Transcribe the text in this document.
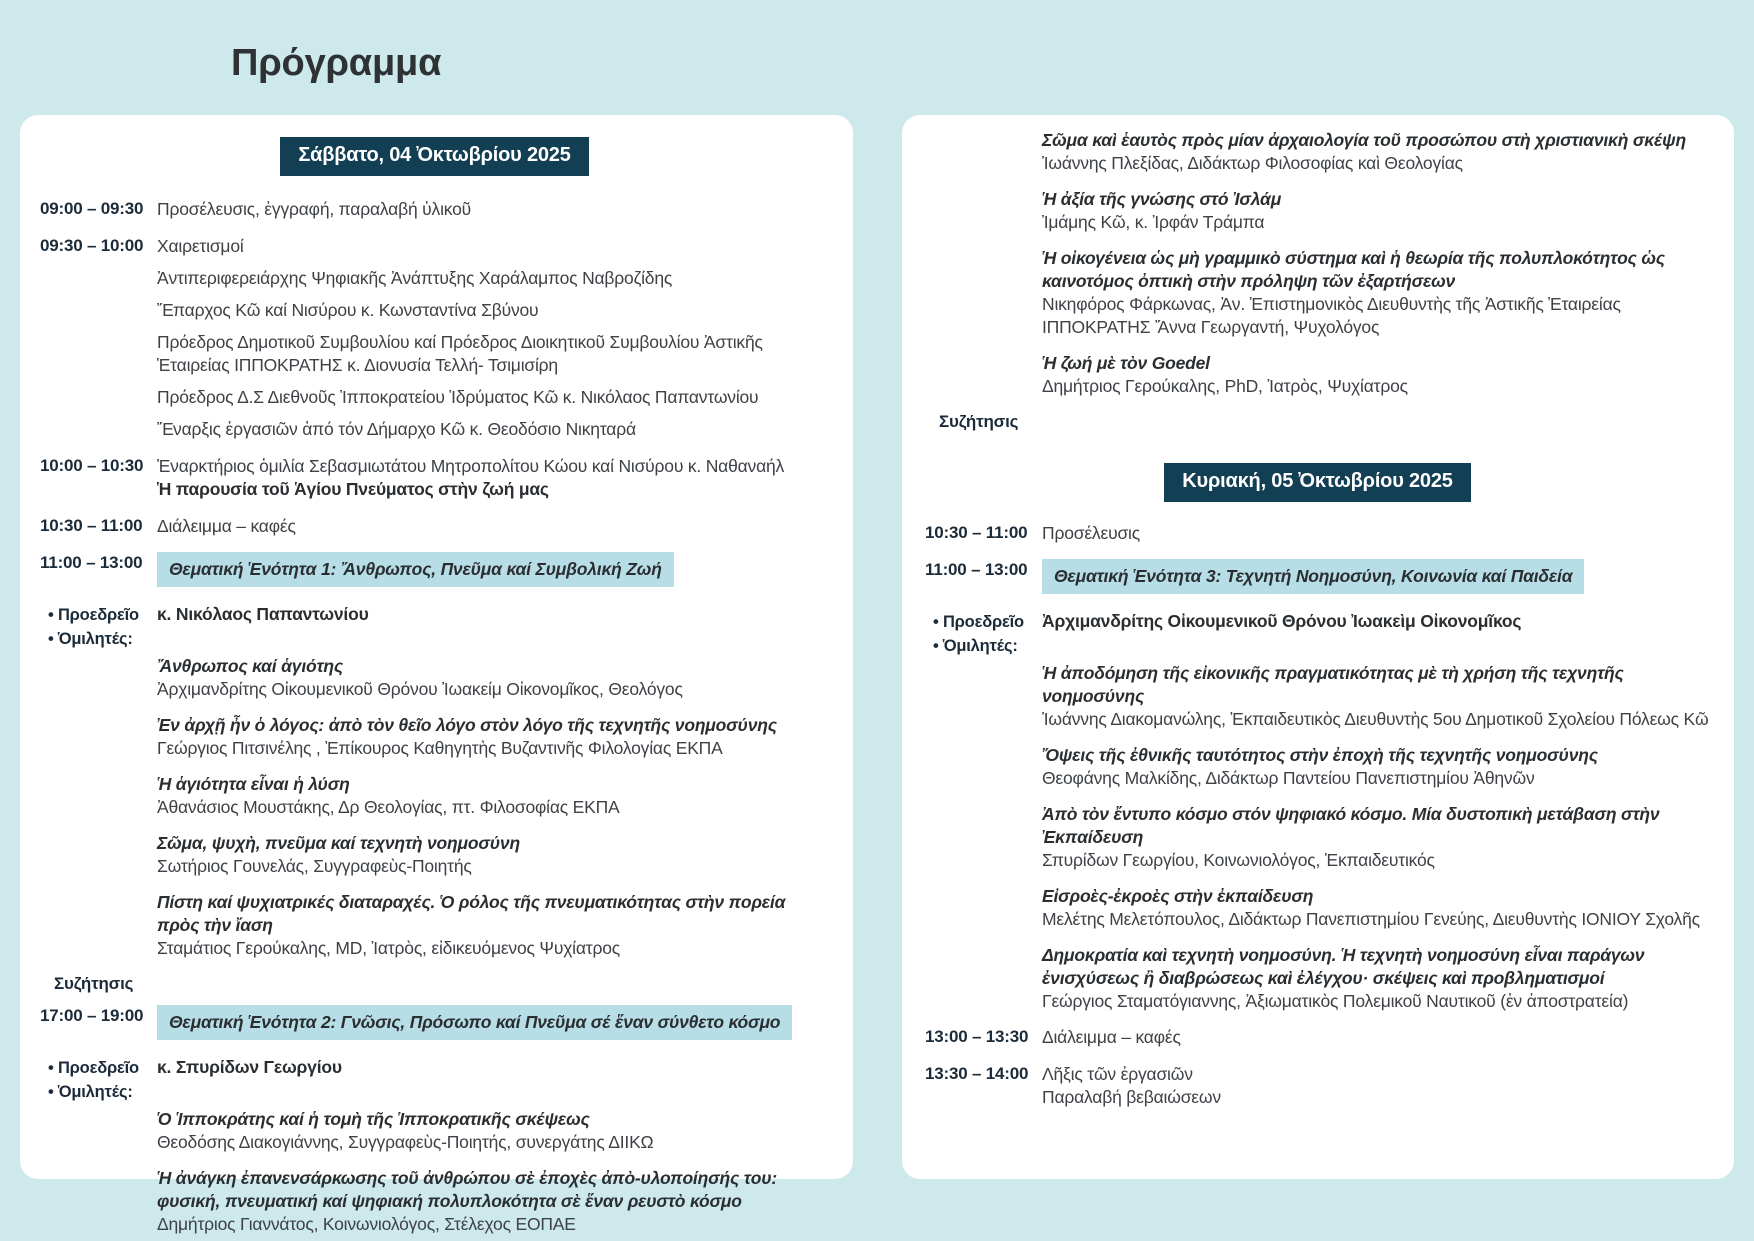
Πρόγραμμα
Σάββατο, 04 Ὀκτωβρίου 2025
09:00 – 09:30 Προσέλευσις, ἐγγραφή, παραλαβή ὑλικοῦ
09:30 – 10:00 Χαιρετισμοί
Ἀντιπεριφερειάρχης Ψηφιακῆς Ἀνάπτυξης Χαράλαμπος Ναβροζίδης
Ἔπαρχος Κῶ καί Νισύρου κ. Κωνσταντίνα Σβύνου
Πρόεδρος Δημοτικοῦ Συμβουλίου καί Πρόεδρος Διοικητικοῦ Συμβουλίου Ἀστικῆς Ἑταιρείας ΙΠΠΟΚΡΑΤΗΣ κ. Διονυσία Τελλή- Τσιμισίρη
Πρόεδρος Δ.Σ Διεθνοῦς Ἱπποκρατείου Ἱδρύματος Κῶ κ. Νικόλαος Παπαντωνίου
Ἔναρξις ἐργασιῶν ἀπό τόν Δήμαρχο Κῶ κ. Θεοδόσιο Νικηταρά
10:00 – 10:30 Ἐναρκτήριος ὁμιλία Σεβασμιωτάτου Μητροπολίτου Κώου καί Νισύρου κ. Ναθαναήλ
Ἡ παρουσία τοῦ Ἁγίου Πνεύματος στὴν ζωή μας
10:30 – 11:00 Διάλειμμα – καφές
11:00 – 13:00	Θεματική Ἑνότητα 1: Ἄνθρωπος, Πνεῦμα καί Συμβολική Ζωή
• Προεδρεῖο
• Ὁμιλητές:
κ. Νικόλαος Παπαντωνίου
Ἄνθρωπος καί ἁγιότης
Ἀρχιμανδρίτης Οἰκουμενικοῦ Θρόνου Ἰωακείμ Οἰκονομῖκος, Θεολόγος
Ἐν ἀρχῇ ἦν ὁ λόγος: ἀπὸ τὸν θεῖο λόγο στὸν λόγο τῆς τεχνητῆς νοημοσύνης
Γεώργιος Πιτσινέλης , Ἐπίκουρος Καθηγητὴς Βυζαντινῆς Φιλολογίας ΕΚΠΑ
Ἡ ἁγιότητα εἶναι ἡ λύση
Ἀθανάσιος Μουστάκης, Δρ Θεολογίας, πτ. Φιλοσοφίας ΕΚΠΑ
Σῶμα, ψυχὴ, πνεῦμα καί τεχνητὴ νοημοσύνη
Σωτήριος Γουνελάς, Συγγραφεὺς-Ποιητής
Πίστη καί ψυχιατρικές διαταραχές. Ὁ ρόλος τῆς πνευματικότητας στὴν πορεία πρὸς τὴν ἴαση
Σταμάτιος Γερούκαλης, MD, Ἰατρὸς, εἰδικευόμενος Ψυχίατρος
Συζήτησις
17:00 – 19:00	Θεματική Ἑνότητα 2: Γνῶσις, Πρόσωπο καί Πνεῦμα σέ ἕναν σύνθετο κόσμο
• Προεδρεῖο
• Ὁμιλητές:
κ. Σπυρίδων Γεωργίου
Ὁ Ἱπποκράτης καί ἡ τομὴ τῆς Ἱπποκρατικῆς σκέψεως
Θεοδόσης Διακογιάννης, Συγγραφεὺς-Ποιητής, συνεργάτης ΔΙΙΚΩ
Ἡ ἀνάγκη ἐπανενσάρκωσης τοῦ ἀνθρώπου σὲ ἐποχὲς ἀπὸ-υλοποίησής του: φυσική, πνευματική καί ψηφιακή πολυπλοκότητα σὲ ἕναν ρευστὸ κόσμο
Δημήτριος Γιαννάτος, Κοινωνιολόγος, Στέλεχος ΕΟΠΑΕ
Σῶμα καὶ ἑαυτὸς πρὸς μίαν ἀρχαιολογία τοῦ προσώπου στὴ χριστιανικὴ σκέψη
Ἰωάννης Πλεξίδας, Διδάκτωρ Φιλοσοφίας καὶ Θεολογίας
Ἡ ἀξία τῆς γνώσης στό Ἰσλάμ
Ἰμάμης Κῶ, κ. Ἰρφάν Τράμπα
Ἡ οἰκογένεια ὡς μὴ γραμμικὸ σύστημα καὶ ἡ θεωρία τῆς πολυπλοκότητος ὡς καινοτόμος ὀπτικὴ στὴν πρόληψη τῶν ἐξαρτήσεων
Νικηφόρος Φάρκωνας, Ἀν. Ἐπιστημονικὸς Διευθυντὴς τῆς Ἀστικῆς Ἑταιρείας ΙΠΠΟΚΡΑΤΗΣ Ἄννα Γεωργαντή, Ψυχολόγος
Ἡ ζωή μὲ τὸν Goedel
Δημήτριος Γερούκαλης, PhD, Ἰατρὸς, Ψυχίατρος
Συζήτησις
Κυριακή, 05 Ὀκτωβρίου 2025
10:30 – 11:00 Προσέλευσις
11:00 – 13:00	Θεματική Ἑνότητα 3: Τεχνητή Νοημοσύνη, Κοινωνία καί Παιδεία
• Προεδρεῖο
• Ὁμιλητές:
Ἀρχιμανδρίτης Οἰκουμενικοῦ Θρόνου Ἰωακεὶμ Οἰκονομῖκος
Ἡ ἀποδόμηση τῆς εἰκονικῆς πραγματικότητας μὲ τὴ χρήση τῆς τεχνητῆς νοημοσύνης
Ἰωάννης Διακομανώλης, Ἐκπαιδευτικὸς Διευθυντὴς 5ου Δημοτικοῦ Σχολείου Πόλεως Κῶ
Ὄψεις τῆς ἐθνικῆς ταυτότητος στὴν ἐποχὴ τῆς τεχνητῆς νοημοσύνης
Θεοφάνης Μαλκίδης, Διδάκτωρ Παντείου Πανεπιστημίου Ἀθηνῶν
Ἀπὸ τὸν ἔντυπο κόσμο στόν ψηφιακό κόσμο. Μία δυστοπικὴ μετάβαση στὴν Ἐκπαίδευση
Σπυρίδων Γεωργίου, Κοινωνιολόγος, Ἐκπαιδευτικός
Εἰσροὲς-ἐκροὲς στὴν ἐκπαίδευση
Μελέτης Μελετόπουλος, Διδάκτωρ Πανεπιστημίου Γενεύης, Διευθυντὴς ΙΟΝΙΟΥ Σχολῆς
Δημοκρατία καὶ τεχνητὴ νοημοσύνη. Ἡ τεχνητὴ νοημοσύνη εἶναι παράγων ἐνισχύσεως ἢ διαβρώσεως καὶ ἐλέγχου· σκέψεις καὶ προβληματισμοί
Γεώργιος Σταματόγιαννης, Ἀξιωματικὸς Πολεμικοῦ Ναυτικοῦ (ἐν ἀποστρατεία)
13:00 – 13:30 Διάλειμμα – καφές
13:30 – 14:00 Λῆξις τῶν ἐργασιῶν
Παραλαβή βεβαιώσεων
